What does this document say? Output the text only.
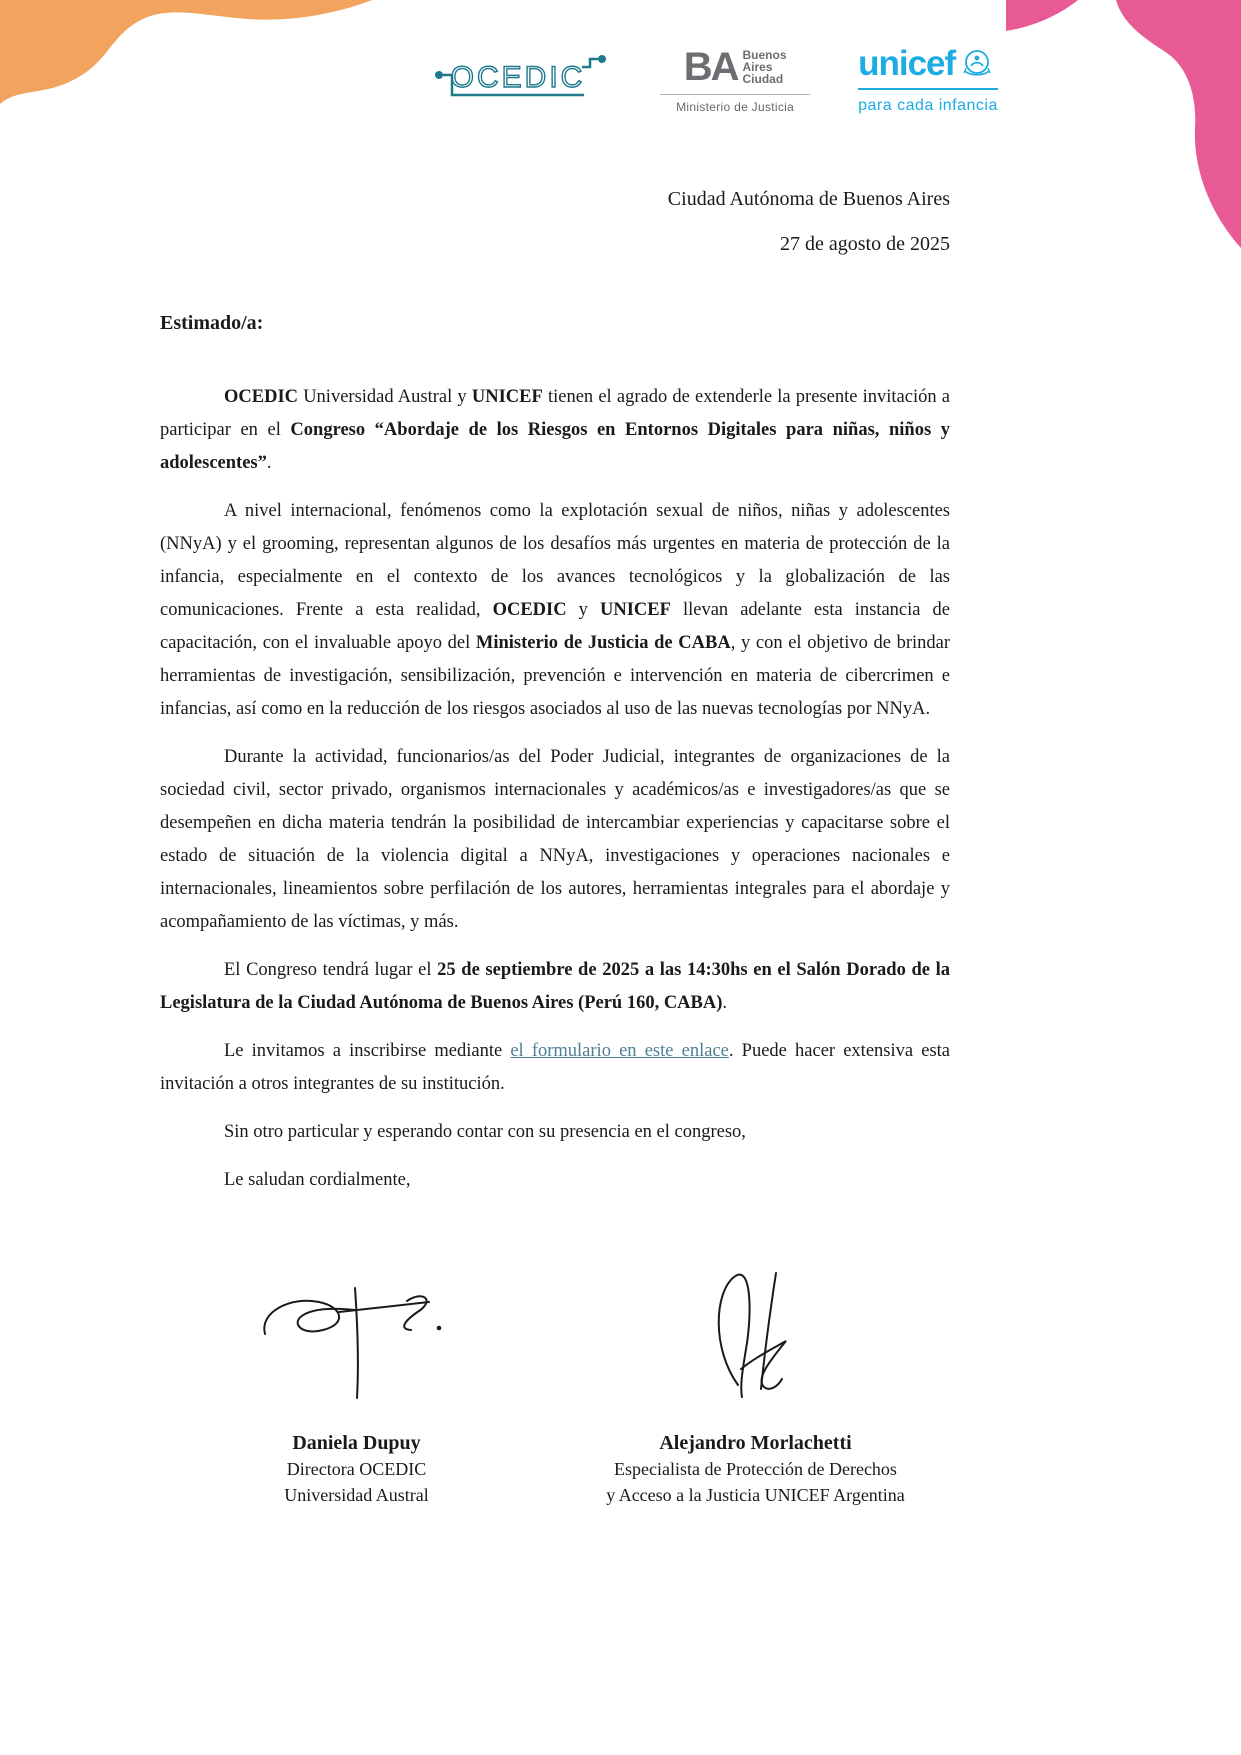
OCEDIC BA Buenos
Aires
Ciudad
Ministerio de Justicia
unicef
para cada infancia
Ciudad Autónoma de Buenos Aires
27 de agosto de 2025

Estimado/a:

OCEDIC Universidad Austral y UNICEF tienen el agrado de extenderle la presente invitación a participar en el Congreso “Abordaje de los Riesgos en Entornos Digitales para niñas, niños y adolescentes”.

A nivel internacional, fenómenos como la explotación sexual de niños, niñas y adolescentes (NNyA) y el grooming, representan algunos de los desafíos más urgentes en materia de protección de la infancia, especialmente en el contexto de los avances tecnológicos y la globalización de las comunicaciones. Frente a esta realidad, OCEDIC y UNICEF llevan adelante esta instancia de capacitación, con el invaluable apoyo del Ministerio de Justicia de CABA, y con el objetivo de brindar herramientas de investigación, sensibilización, prevención e intervención en materia de cibercrimen e infancias, así como en la reducción de los riesgos asociados al uso de las nuevas tecnologías por NNyA.

Durante la actividad, funcionarios/as del Poder Judicial, integrantes de organizaciones de la sociedad civil, sector privado, organismos internacionales y académicos/as e investigadores/as que se desempeñen en dicha materia tendrán la posibilidad de intercambiar experiencias y capacitarse sobre el estado de situación de la violencia digital a NNyA, investigaciones y operaciones nacionales e internacionales, lineamientos sobre perfilación de los autores, herramientas integrales para el abordaje y acompañamiento de las víctimas, y más.

El Congreso tendrá lugar el 25 de septiembre de 2025 a las 14:30hs en el Salón Dorado de la Legislatura de la Ciudad Autónoma de Buenos Aires (Perú 160, CABA).

Le invitamos a inscribirse mediante el formulario en este enlace. Puede hacer extensiva esta invitación a otros integrantes de su institución.

Sin otro particular y esperando contar con su presencia en el congreso,

Le saludan cordialmente,

Daniela Dupuy
Directora OCEDIC
Universidad Austral
Alejandro Morlachetti
Especialista de Protección de Derechos
y Acceso a la Justicia UNICEF Argentina
